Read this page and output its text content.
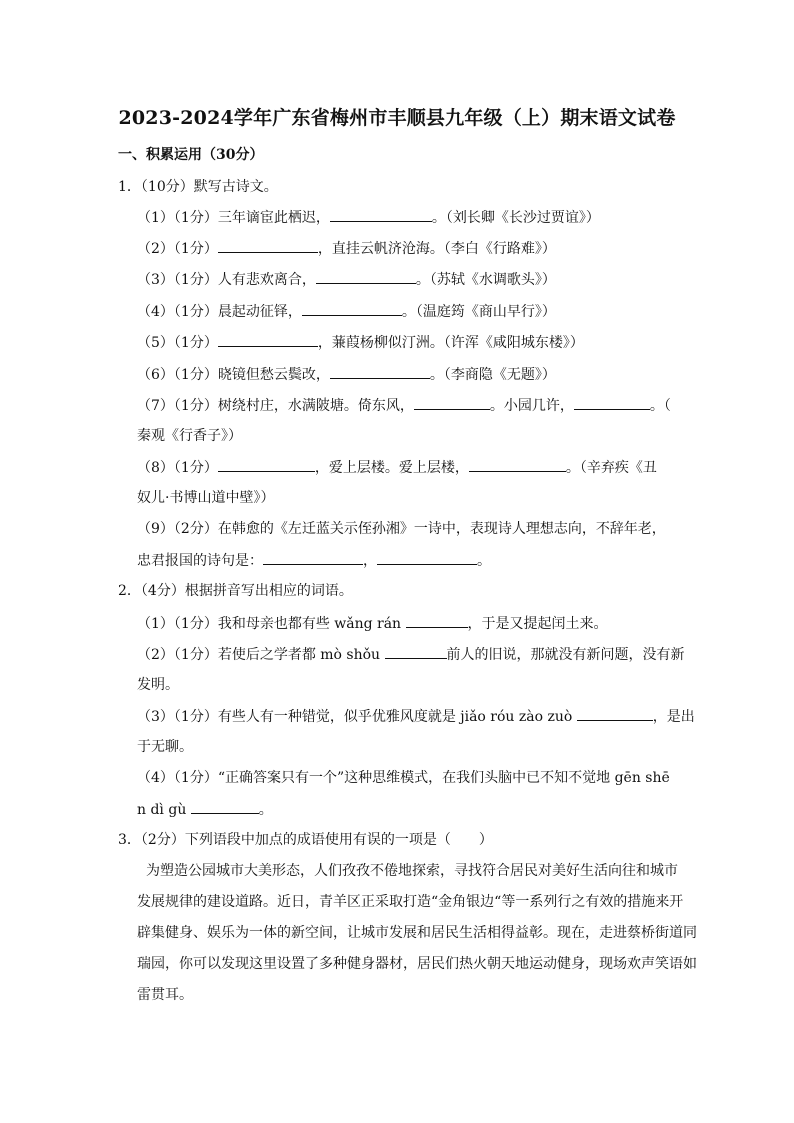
2023-2024学年广东省梅州市丰顺县九年级（上）期末语文试卷
一、积累运用（30分）
1．（10分）默写古诗文。
（1）（1分）三年谪宦此栖迟，	。（刘长卿《长沙过贾谊》）
（2）（1分）	，直挂云帆济沧海。（李白《行路难》）
（3）（1分）人有悲欢离合，	。（苏轼《水调歌头》）
（4）（1分）晨起动征铎，	。（温庭筠《商山早行》）
（5）（1分）	，蒹葭杨柳似汀洲。（许浑《咸阳城东楼》）
（6）（1分）晓镜但愁云鬓改，	。（李商隐《无题》）
（7）（1分）树绕村庄，水满陂塘。倚东风，	。小园几许，	。（
秦观《行香子》）
（8）（1分）	，爱上层楼。爱上层楼，	。（辛弃疾《丑
奴儿·书博山道中壁》）
（9）（2分）在韩愈的《左迁蓝关示侄孙湘》一诗中，表现诗人理想志向，不辞年老，
忠君报国的诗句是：	，	。
2．（4分）根据拼音写出相应的词语。
（1）（1分）我和母亲也都有些 wǎng rán	，于是又提起闰土来。
（2）（1分）若使后之学者都 mò shǒu	前人的旧说，那就没有新问题，没有新
发明。
（3）（1分）有些人有一种错觉，似乎优雅风度就是 jiǎo róu zào zuò	，是出
于无聊。
（4）（1分）“正确答案只有一个”这种思维模式，在我们头脑中已不知不觉地 gēn shē
n dì gù	。
3．（2分）下列语段中加点的成语使用有误的一项是（　　）
为塑造公园城市大美形态，人们孜孜不倦地探索，寻找符合居民对美好生活向往和城市
发展规律的建设道路。近日，青羊区正采取打造“金角银边“等一系列行之有效的措施来开
辟集健身、娱乐为一体的新空间，让城市发展和居民生活相得益彰。现在，走进蔡桥街道同
瑞园，你可以发现这里设置了多种健身器材，居民们热火朝天地运动健身，现场欢声笑语如
雷贯耳。
